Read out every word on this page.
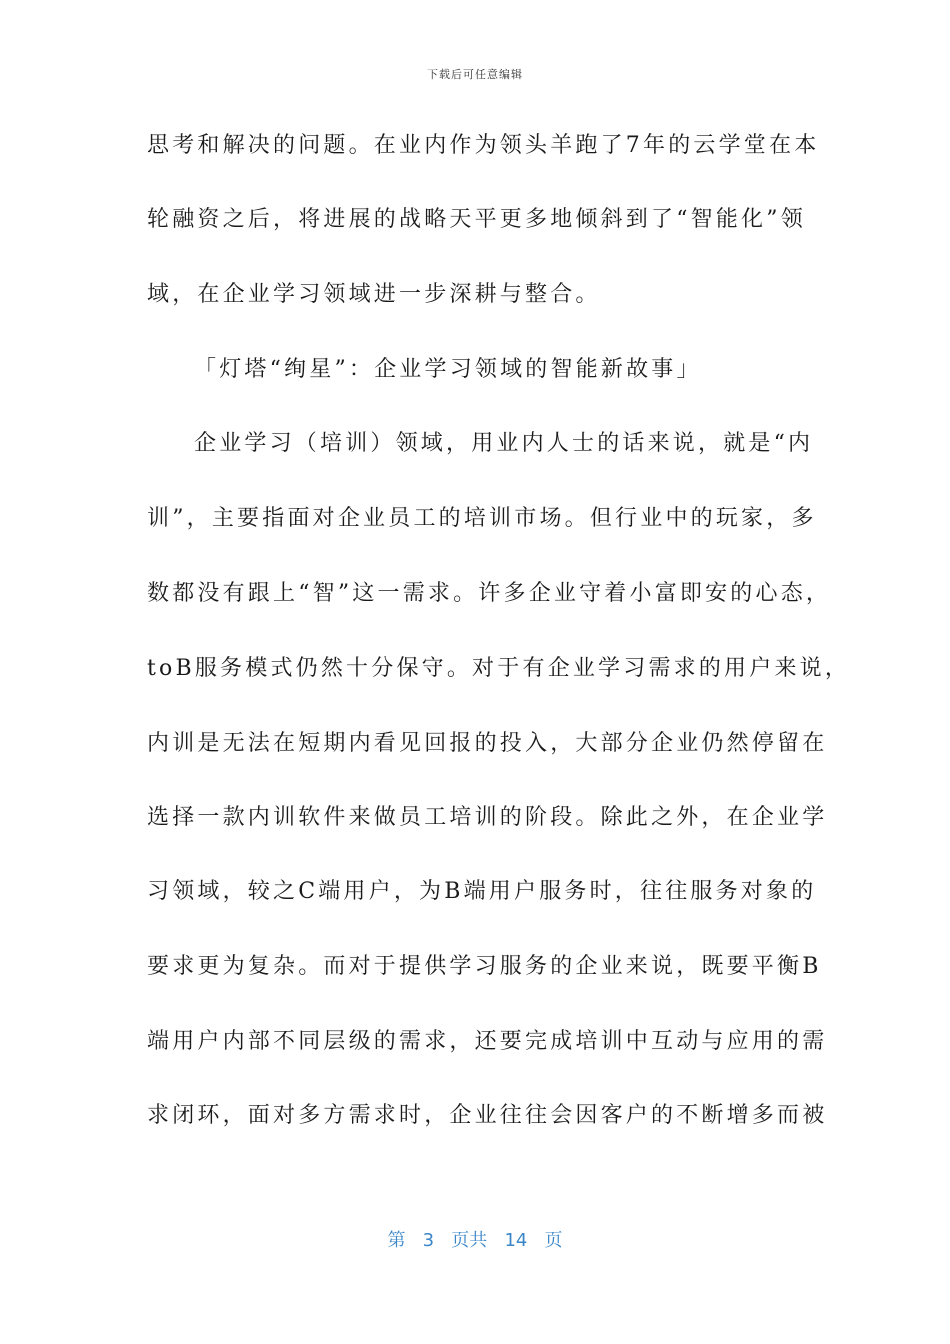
下载后可任意编辑
思考和解决的问题。在业内作为领头羊跑了7年的云学堂在本
轮融资之后，将进展的战略天平更多地倾斜到了“智能化”领
域，在企业学习领域进一步深耕与整合。
「灯塔“绚星”：企业学习领域的智能新故事」
企业学习（培训）领域，用业内人士的话来说，就是“内
训”，主要指面对企业员工的培训市场。但行业中的玩家，多
数都没有跟上“智”这一需求。许多企业守着小富即安的心态，
toB服务模式仍然十分保守。对于有企业学习需求的用户来说，
内训是无法在短期内看见回报的投入，大部分企业仍然停留在
选择一款内训软件来做员工培训的阶段。除此之外，在企业学
习领域，较之C端用户，为B端用户服务时，往往服务对象的
要求更为复杂。而对于提供学习服务的企业来说，既要平衡B
端用户内部不同层级的需求，还要完成培训中互动与应用的需
求闭环，面对多方需求时，企业往往会因客户的不断增多而被
第 3 页共 14 页
